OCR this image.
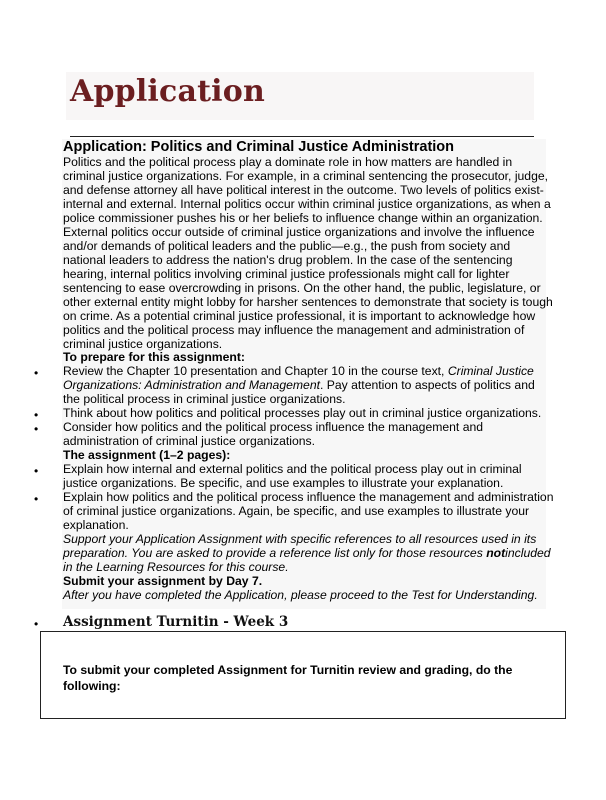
Application
Application: Politics and Criminal Justice Administration
Politics and the political process play a dominate role in how matters are handled in
criminal justice organizations. For example, in a criminal sentencing the prosecutor, judge,
and defense attorney all have political interest in the outcome. Two levels of politics exist-
internal and external. Internal politics occur within criminal justice organizations, as when a
police commissioner pushes his or her beliefs to influence change within an organization.
External politics occur outside of criminal justice organizations and involve the influence
and/or demands of political leaders and the public—e.g., the push from society and
national leaders to address the nation's drug problem. In the case of the sentencing
hearing, internal politics involving criminal justice professionals might call for lighter
sentencing to ease overcrowding in prisons. On the other hand, the public, legislature, or
other external entity might lobby for harsher sentences to demonstrate that society is tough
on crime. As a potential criminal justice professional, it is important to acknowledge how
politics and the political process may influence the management and administration of
criminal justice organizations.
To prepare for this assignment:
• Review the Chapter 10 presentation and Chapter 10 in the course text, Criminal Justice
Organizations: Administration and Management. Pay attention to aspects of politics and
the political process in criminal justice organizations.
• Think about how politics and political processes play out in criminal justice organizations.
• Consider how politics and the political process influence the management and
administration of criminal justice organizations.
The assignment (1–2 pages):
• Explain how internal and external politics and the political process play out in criminal
justice organizations. Be specific, and use examples to illustrate your explanation.
• Explain how politics and the political process influence the management and administration
of criminal justice organizations. Again, be specific, and use examples to illustrate your
explanation.
Support your Application Assignment with specific references to all resources used in its
preparation. You are asked to provide a reference list only for those resources notincluded
in the Learning Resources for this course.
Submit your assignment by Day 7.
After you have completed the Application, please proceed to the Test for Understanding.
• Assignment Turnitin - Week 3
To submit your completed Assignment for Turnitin review and grading, do the
following:
